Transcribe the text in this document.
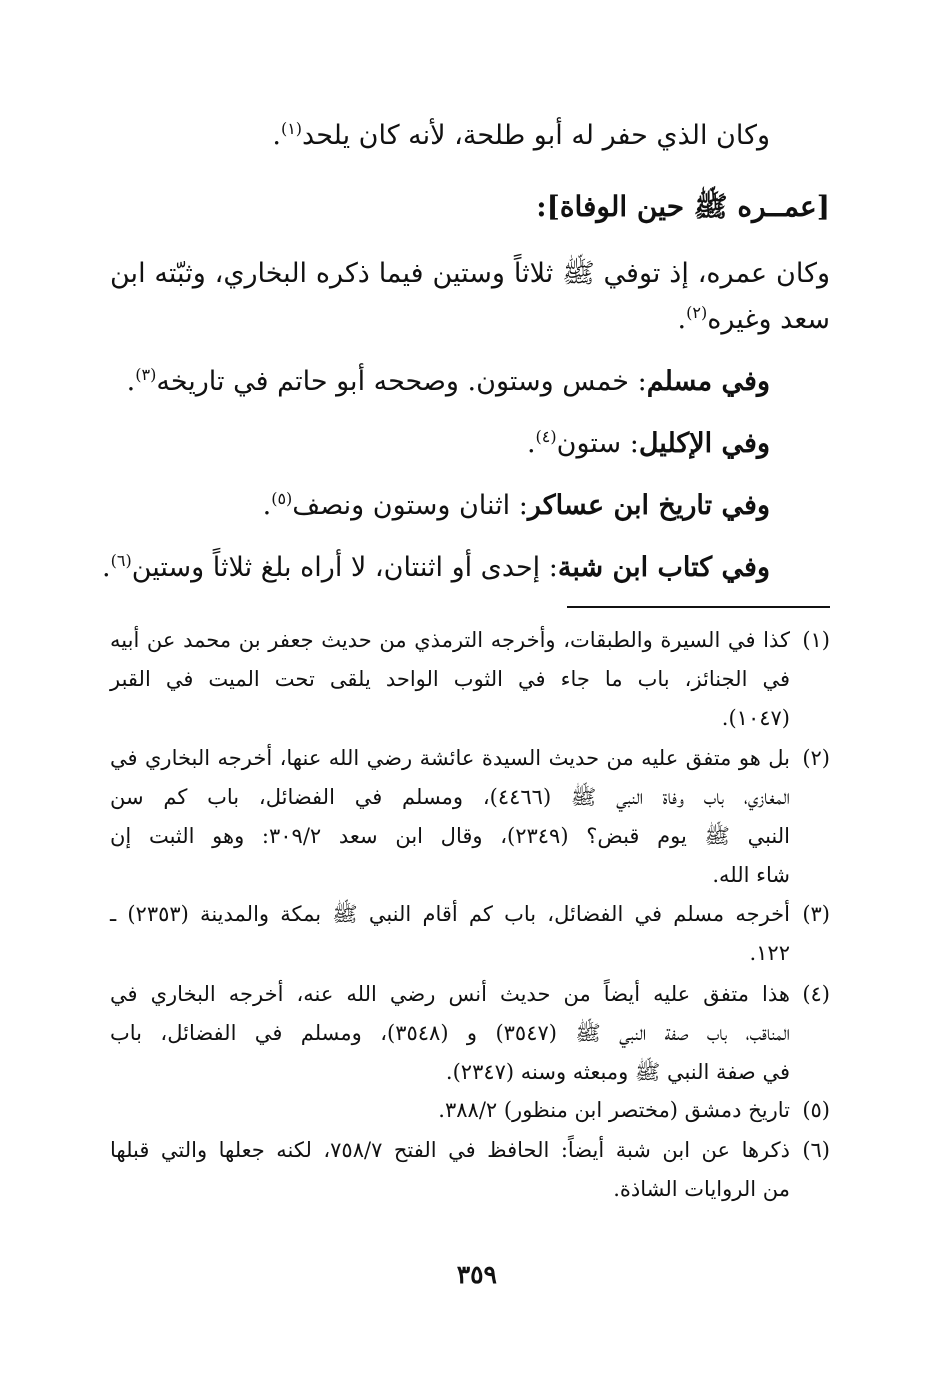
وكان الذي حفر له أبو طلحة، لأنه كان يلحد$^{(١)}$.
[عمــره ﷺ حين الوفاة]:
وكان عمره، إذ توفي ﷺ ثلاثاً وستين فيما ذكره البخاري، وثبّته ابن
سعد وغيره$^{(٢)}$.
وفي مسلم: خمس وستون. وصححه أبو حاتم في تاريخه$^{(٣)}$.
وفي الإكليل: ستون$^{(٤)}$.
وفي تاريخ ابن عساكر: اثنان وستون ونصف$^{(٥)}$.
وفي كتاب ابن شبة: إحدى أو اثنتان، لا أراه بلغ ثلاثاً وستين$^{(٦)}$.
(١)
كذا في السيرة والطبقات، وأخرجه الترمذي من حديث جعفر بن محمد عن أبيه
في الجنائز، باب ما جاء في الثوب الواحد يلقى تحت الميت في القبر
(١٠٤٧).
(٢)
بل هو متفق عليه من حديث السيدة عائشة رضي الله عنها، أخرجه البخاري في
المغازي، باب وفاة النبي ﷺ (٤٤٦٦)، ومسلم في الفضائل، باب كم سن
النبي ﷺ يوم قبض؟ (٢٣٤٩)، وقال ابن سعد ٣٠٩/٢: وهو الثبت إن
شاء الله.
(٣)
أخرجه مسلم في الفضائل، باب كم أقام النبي ﷺ بمكة والمدينة (٢٣٥٣) ـ
١٢٢.
(٤)
هذا متفق عليه أيضاً من حديث أنس رضي الله عنه، أخرجه البخاري في
المناقب، باب صفة النبي ﷺ (٣٥٤٧) و (٣٥٤٨)، ومسلم في الفضائل، باب
في صفة النبي ﷺ ومبعثه وسنه (٢٣٤٧).
(٥)
تاريخ دمشق (مختصر ابن منظور) ٣٨٨/٢.
(٦)
ذكرها عن ابن شبة أيضاً: الحافظ في الفتح ٧٥٨/٧، لكنه جعلها والتي قبلها
من الروايات الشاذة.
٣٥٩
